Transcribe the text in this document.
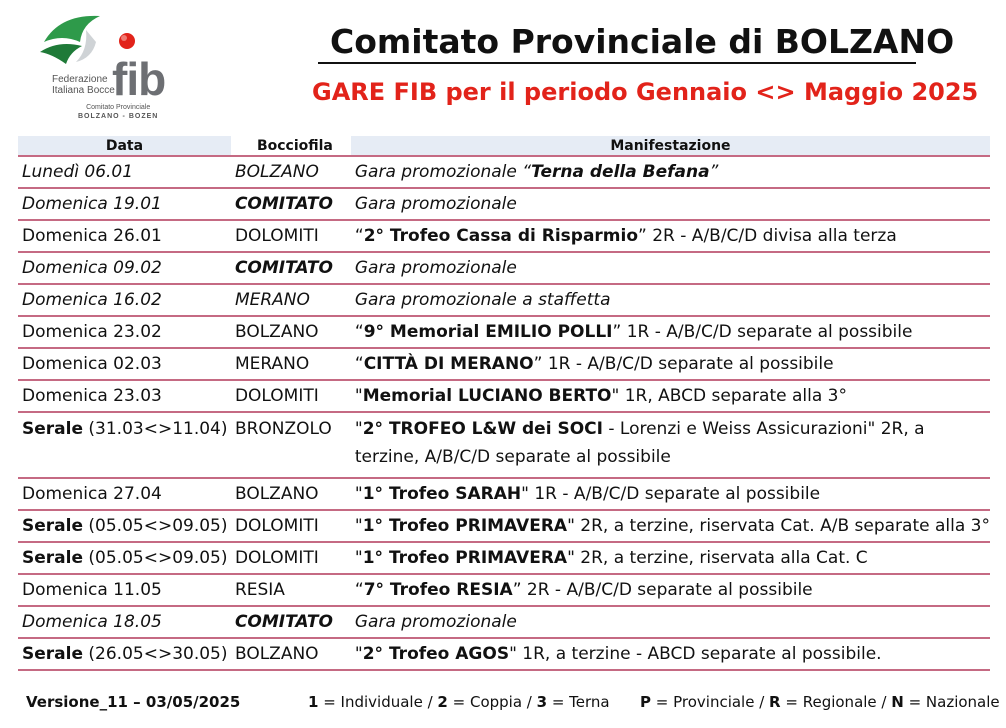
Federazione
Italiana Bocce
fib
Comitato Provinciale
BOLZANO - BOZEN
Comitato Provinciale di BOLZANO
GARE FIB per il periodo Gennaio <> Maggio 2025
Data	Bocciofila	Manifestazione
Lunedì 06.01	BOLZANO	Gara promozionale “Terna della Befana”
Domenica 19.01	COMITATO	Gara promozionale
Domenica 26.01	DOLOMITI	“2° Trofeo Cassa di Risparmio” 2R - A/B/C/D divisa alla terza
Domenica 09.02	COMITATO	Gara promozionale
Domenica 16.02	MERANO	Gara promozionale a staffetta
Domenica 23.02	BOLZANO	“9° Memorial EMILIO POLLI” 1R - A/B/C/D separate al possibile
Domenica 02.03	MERANO	“CITTÀ DI MERANO” 1R - A/B/C/D separate al possibile
Domenica 23.03	DOLOMITI	"Memorial LUCIANO BERTO" 1R, ABCD separate alla 3°
Serale (31.03<>11.04)	BRONZOLO	"2° TROFEO L&W dei SOCI - Lorenzi e Weiss Assicurazioni" 2R, a terzine, A/B/C/D separate al possibile
Domenica 27.04	BOLZANO	"1° Trofeo SARAH" 1R - A/B/C/D separate al possibile
Serale (05.05<>09.05)	DOLOMITI	"1° Trofeo PRIMAVERA" 2R, a terzine, riservata Cat. A/B separate alla 3°
Serale (05.05<>09.05)	DOLOMITI	"1° Trofeo PRIMAVERA" 2R, a terzine, riservata alla Cat. C
Domenica 11.05	RESIA	“7° Trofeo RESIA” 2R - A/B/C/D separate al possibile
Domenica 18.05	COMITATO	Gara promozionale
Serale (26.05<>30.05)	BOLZANO	"2° Trofeo AGOS" 1R, a terzine - ABCD separate al possibile.
Versione_11 – 03/05/2025	1 = Individuale / 2 = Coppia / 3 = Terna P = Provinciale / R = Regionale / N = Nazionale
